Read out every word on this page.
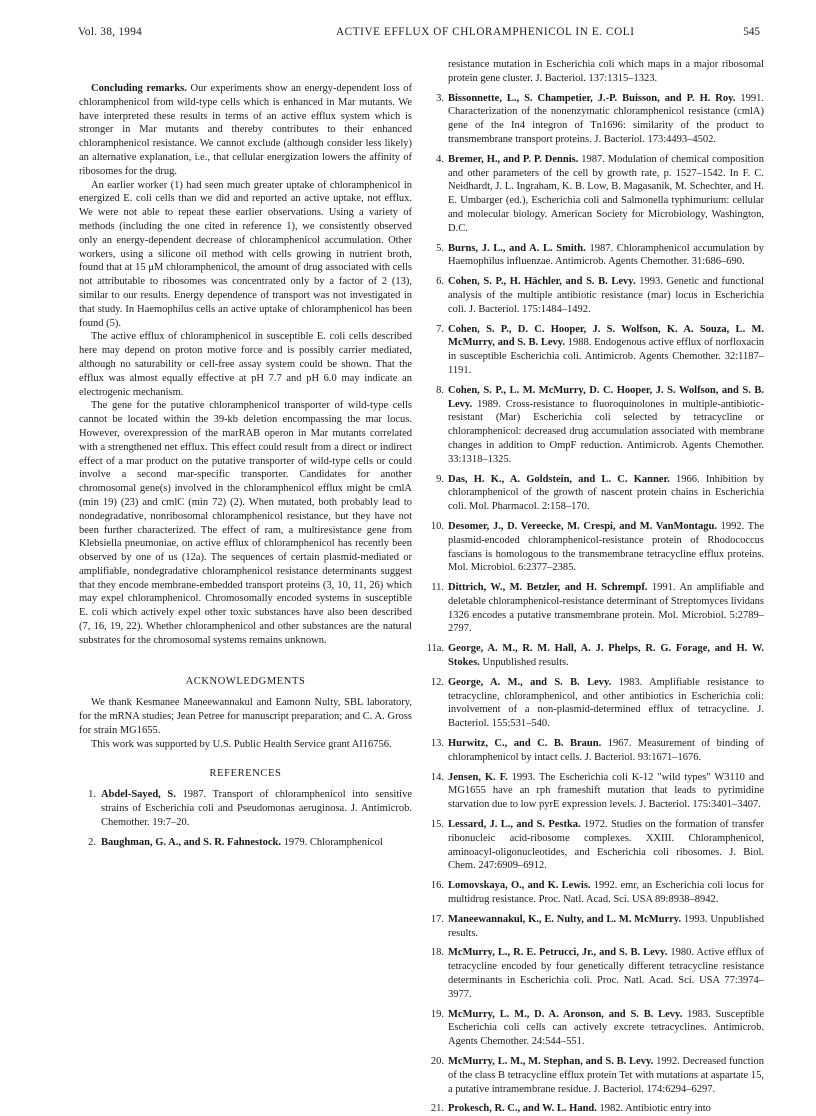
Vol. 38, 1994	ACTIVE EFFLUX OF CHLORAMPHENICOL IN E. COLI	545

Concluding remarks. Our experiments show an energy-dependent loss of chloramphenicol from wild-type cells which is enhanced in Mar mutants. We have interpreted these results in terms of an active efflux system which is stronger in Mar mutants and thereby contributes to their enhanced chloramphenicol resistance. We cannot exclude (although consider less likely) an alternative explanation, i.e., that cellular energization lowers the affinity of ribosomes for the drug.

An earlier worker (1) had seen much greater uptake of chloramphenicol in energized E. coli cells than we did and reported an active uptake, not efflux. We were not able to repeat these earlier observations. Using a variety of methods (including the one cited in reference 1), we consistently observed only an energy-dependent decrease of chloramphenicol accumulation. Other workers, using a silicone oil method with cells growing in nutrient broth, found that at 15 μM chloramphenicol, the amount of drug associated with cells not attributable to ribosomes was concentrated only by a factor of 2 (13), similar to our results. Energy dependence of transport was not investigated in that study. In Haemophilus cells an active uptake of chloramphenicol has been found (5).

The active efflux of chloramphenicol in susceptible E. coli cells described here may depend on proton motive force and is possibly carrier mediated, although no saturability or cell-free assay system could be shown. That the efflux was almost equally effective at pH 7.7 and pH 6.0 may indicate an electrogenic mechanism.

The gene for the putative chloramphenicol transporter of wild-type cells cannot be located within the 39-kb deletion encompassing the mar locus. However, overexpression of the marRAB operon in Mar mutants correlated with a strengthened net efflux. This effect could result from a direct or indirect effect of a mar product on the putative transporter of wild-type cells or could involve a second mar-specific transporter. Candidates for another chromosomal gene(s) involved in the chloramphenicol efflux might be cmlA (min 19) (23) and cmlC (min 72) (2). When mutated, both probably lead to nondegradative, nonribosomal chloramphenicol resistance, but they have not been further characterized. The effect of ram, a multiresistance gene from Klebsiella pneumoniae, on active efflux of chloramphenicol has recently been observed by one of us (12a). The sequences of certain plasmid-mediated or amplifiable, nondegradative chloramphenicol resistance determinants suggest that they encode membrane-embedded transport proteins (3, 10, 11, 26) which may expel chloramphenicol. Chromosomally encoded systems in susceptible E. coli which actively expel other toxic substances have also been described (7, 16, 19, 22). Whether chloramphenicol and other substances are the natural substrates for the chromosomal systems remains unknown.

ACKNOWLEDGMENTS

We thank Kesmanee Maneewannakul and Eamonn Nulty, SBL laboratory, for the mRNA studies; Jean Petree for manuscript preparation; and C. A. Gross for strain MG1655.

This work was supported by U.S. Public Health Service grant AI16756.

REFERENCES
1. Abdel-Sayed, S. 1987. Transport of chloramphenicol into sensitive strains of Escherichia coli and Pseudomonas aeruginosa. J. Antimicrob. Chemother. 19:7–20.
2. Baughman, G. A., and S. R. Fahnestock. 1979. Chloramphenicol
resistance mutation in Escherichia coli which maps in a major ribosomal protein gene cluster. J. Bacteriol. 137:1315–1323.
3. Bissonnette, L., S. Champetier, J.-P. Buisson, and P. H. Roy. 1991. Characterization of the nonenzymatic chloramphenicol resistance (cmlA) gene of the In4 integron of Tn1696: similarity of the product to transmembrane transport proteins. J. Bacteriol. 173:4493–4502.
4. Bremer, H., and P. P. Dennis. 1987. Modulation of chemical composition and other parameters of the cell by growth rate, p. 1527–1542. In F. C. Neidhardt, J. L. Ingraham, K. B. Low, B. Magasanik, M. Schechter, and H. E. Umbarger (ed.), Escherichia coli and Salmonella typhimurium: cellular and molecular biology. American Society for Microbiology, Washington, D.C.
5. Burns, J. L., and A. L. Smith. 1987. Chloramphenicol accumulation by Haemophilus influenzae. Antimicrob. Agents Chemother. 31:686–690.
6. Cohen, S. P., H. Hächler, and S. B. Levy. 1993. Genetic and functional analysis of the multiple antibiotic resistance (mar) locus in Escherichia coli. J. Bacteriol. 175:1484–1492.
7. Cohen, S. P., D. C. Hooper, J. S. Wolfson, K. A. Souza, L. M. McMurry, and S. B. Levy. 1988. Endogenous active efflux of norfloxacin in susceptible Escherichia coli. Antimicrob. Agents Chemother. 32:1187–1191.
8. Cohen, S. P., L. M. McMurry, D. C. Hooper, J. S. Wolfson, and S. B. Levy. 1989. Cross-resistance to fluoroquinolones in multiple-antibiotic-resistant (Mar) Escherichia coli selected by tetracycline or chloramphenicol: decreased drug accumulation associated with membrane changes in addition to OmpF reduction. Antimicrob. Agents Chemother. 33:1318–1325.
9. Das, H. K., A. Goldstein, and L. C. Kanner. 1966. Inhibition by chloramphenicol of the growth of nascent protein chains in Escherichia coli. Mol. Pharmacol. 2:158–170.
10. Desomer, J., D. Vereecke, M. Crespi, and M. VanMontagu. 1992. The plasmid-encoded chloramphenicol-resistance protein of Rhodococcus fascians is homologous to the transmembrane tetracycline efflux proteins. Mol. Microbiol. 6:2377–2385.
11. Dittrich, W., M. Betzler, and H. Schrempf. 1991. An amplifiable and deletable chloramphenicol-resistance determinant of Streptomyces lividans 1326 encodes a putative transmembrane protein. Mol. Microbiol. 5:2789–2797.
11a. George, A. M., R. M. Hall, A. J. Phelps, R. G. Forage, and H. W. Stokes. Unpublished results.
12. George, A. M., and S. B. Levy. 1983. Amplifiable resistance to tetracycline, chloramphenicol, and other antibiotics in Escherichia coli: involvement of a non-plasmid-determined efflux of tetracycline. J. Bacteriol. 155:531–540.
13. Hurwitz, C., and C. B. Braun. 1967. Measurement of binding of chloramphenicol by intact cells. J. Bacteriol. 93:1671–1676.
14. Jensen, K. F. 1993. The Escherichia coli K-12 "wild types" W3110 and MG1655 have an rph frameshift mutation that leads to pyrimidine starvation due to low pyrE expression levels. J. Bacteriol. 175:3401–3407.
15. Lessard, J. L., and S. Pestka. 1972. Studies on the formation of transfer ribonucleic acid-ribosome complexes. XXIII. Chloramphenicol, aminoacyl-oligonucleotides, and Escherichia coli ribosomes. J. Biol. Chem. 247:6909–6912.
16. Lomovskaya, O., and K. Lewis. 1992. emr, an Escherichia coli locus for multidrug resistance. Proc. Natl. Acad. Sci. USA 89:8938–8942.
17. Maneewannakul, K., E. Nulty, and L. M. McMurry. 1993. Unpublished results.
18. McMurry, L., R. E. Petrucci, Jr., and S. B. Levy. 1980. Active efflux of tetracycline encoded by four genetically different tetracycline resistance determinants in Escherichia coli. Proc. Natl. Acad. Sci. USA 77:3974–3977.
19. McMurry, L. M., D. A. Aronson, and S. B. Levy. 1983. Susceptible Escherichia coli cells can actively excrete tetracyclines. Antimicrob. Agents Chemother. 24:544–551.
20. McMurry, L. M., M. Stephan, and S. B. Levy. 1992. Decreased function of the class B tetracycline efflux protein Tet with mutations at aspartate 15, a putative intramembrane residue. J. Bacteriol. 174:6294–6297.
21. Prokesch, R. C., and W. L. Hand. 1982. Antibiotic entry into
